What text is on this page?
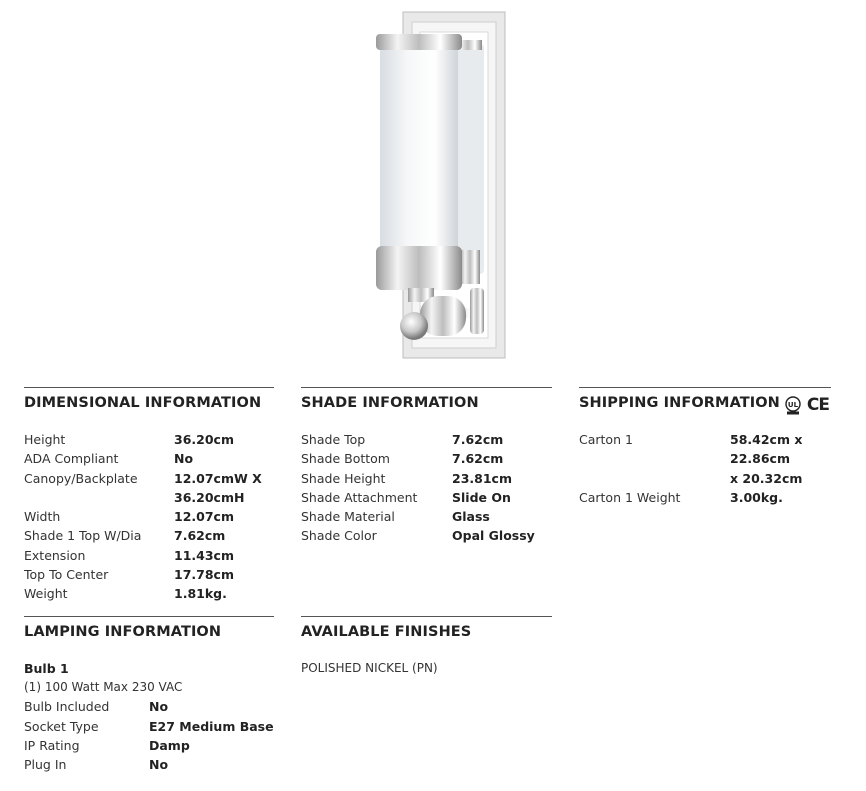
DIMENSIONAL INFORMATION
Height	36.20cm
ADA Compliant	No
Canopy/Backplate	12.07cmW X
36.20cmH
Width	12.07cm
Shade 1 Top W/Dia	7.62cm
Extension	11.43cm
Top To Center	17.78cm
Weight	1.81kg.
SHADE INFORMATION
Shade Top	7.62cm
Shade Bottom	7.62cm
Shade Height	23.81cm
Shade Attachment	Slide On
Shade Material	Glass
Shade Color	Opal Glossy
SHIPPING INFORMATION	UL CE
Carton 1	58.42cm x 22.86cm
x 20.32cm
Carton 1 Weight	3.00kg.
LAMPING INFORMATION
Bulb 1
(1) 100 Watt Max 230 VAC
Bulb Included	No
Socket Type	E27 Medium Base
IP Rating	Damp
Plug In	No
AVAILABLE FINISHES
POLISHED NICKEL (PN)
